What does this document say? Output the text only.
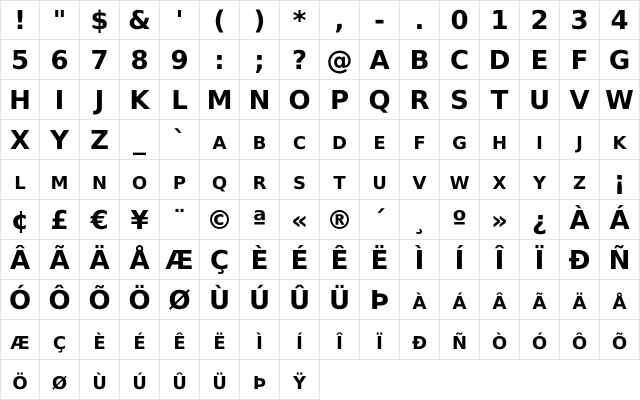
! " $ & ' ( ) * , - . 0 1 2 3 4
5 6 7 8 9 : ; ? @ A B C D E F G
H I J K L M N O P Q R S T U V W
X Y Z _ ` a b c d e f g h i j k
l m n o p q r s t u v w x y z ¡
¢ £ € ¥ ¨ © ª « ® ´ ¸ º » ¿ À Á
Â Ã Ä Å Æ Ç È É Ê Ë Ì Í Î Ï Ð Ñ
Ó Ô Õ Ö Ø Ù Ú Û Ü Þ à á â ã ä å
æ ç è é ê ë ì í î ï ð ñ ò ó ô õ
ö ø ù ú û ü þ ÿ
